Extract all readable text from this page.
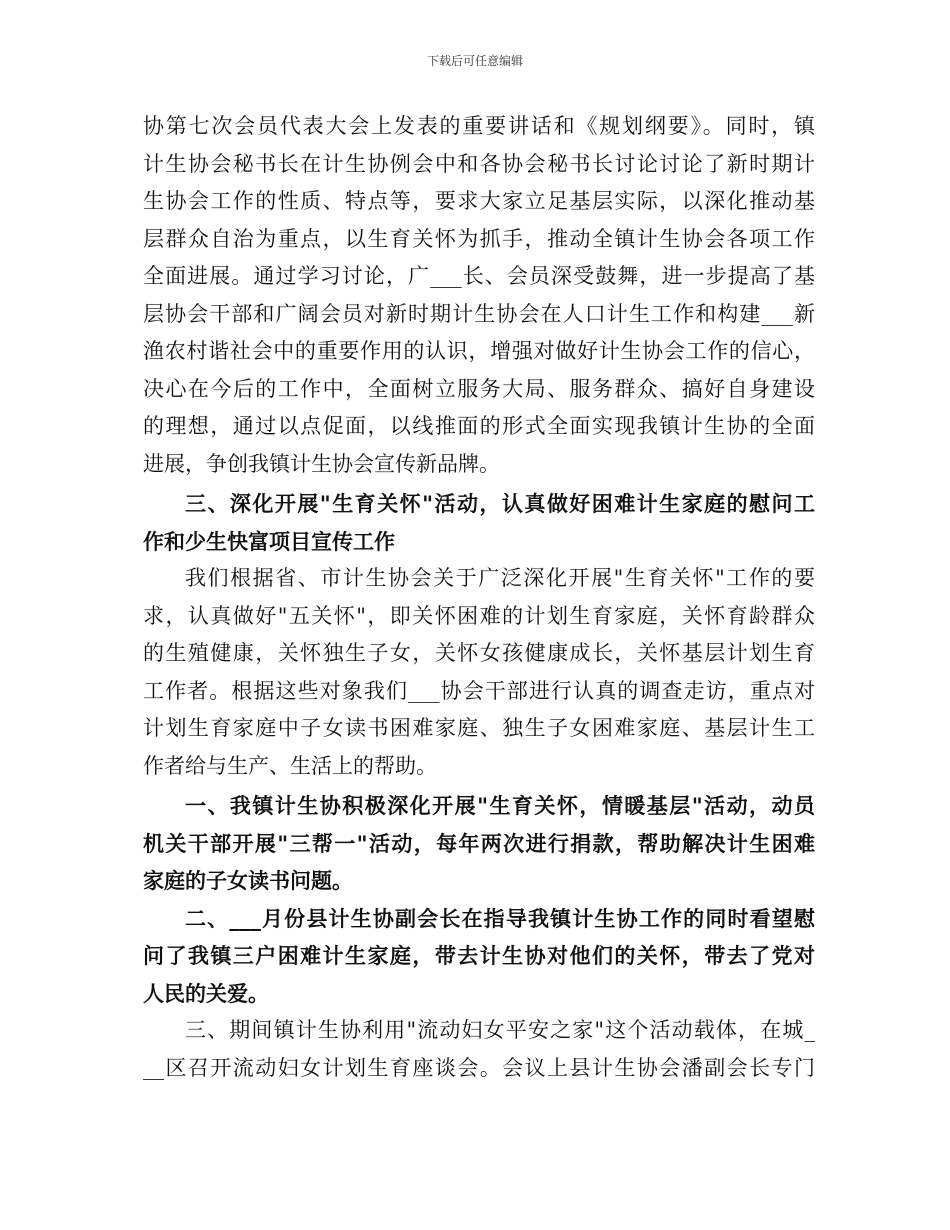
下载后可任意编辑
协第七次会员代表大会上发表的重要讲话和《规划纲要》。同时，镇
计生协会秘书长在计生协例会中和各协会秘书长讨论讨论了新时期计
生协会工作的性质、特点等，要求大家立足基层实际，以深化推动基
层群众自治为重点，以生育关怀为抓手，推动全镇计生协会各项工作
全面进展。通过学习讨论，广___长、会员深受鼓舞，进一步提高了基
层协会干部和广阔会员对新时期计生协会在人口计生工作和构建___新
渔农村谐社会中的重要作用的认识，增强对做好计生协会工作的信心，
决心在今后的工作中，全面树立服务大局、服务群众、搞好自身建设
的理想，通过以点促面，以线推面的形式全面实现我镇计生协的全面
进展，争创我镇计生协会宣传新品牌。
三、深化开展"生育关怀"活动，认真做好困难计生家庭的慰问工
作和少生快富项目宣传工作
我们根据省、市计生协会关于广泛深化开展"生育关怀"工作的要
求，认真做好"五关怀"，即关怀困难的计划生育家庭，关怀育龄群众
的生殖健康，关怀独生子女，关怀女孩健康成长，关怀基层计划生育
工作者。根据这些对象我们___协会干部进行认真的调查走访，重点对
计划生育家庭中子女读书困难家庭、独生子女困难家庭、基层计生工
作者给与生产、生活上的帮助。
一、我镇计生协积极深化开展"生育关怀，情暖基层"活动，动员
机关干部开展"三帮一"活动，每年两次进行捐款，帮助解决计生困难
家庭的子女读书问题。
二、___月份县计生协副会长在指导我镇计生协工作的同时看望慰
问了我镇三户困难计生家庭，带去计生协对他们的关怀，带去了党对
人民的关爱。
三、期间镇计生协利用"流动妇女平安之家"这个活动载体，在城_
__区召开流动妇女计划生育座谈会。会议上县计生协会潘副会长专门
